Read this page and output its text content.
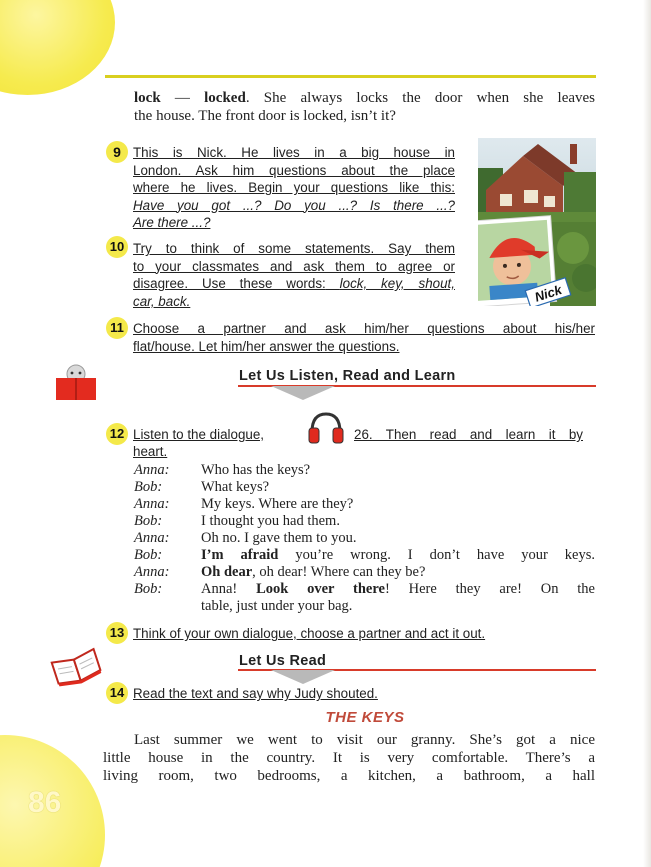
lock — locked. She always locks the door when she leaves
the house. The front door is locked, isn’t it?
9 This is Nick. He lives in a big house in
London. Ask him questions about the place
where he lives. Begin your questions like this:
Have you got ...? Do you ...? Is there ...?
Are there ...?
Nick
10 Try to think of some statements. Say them
to your classmates and ask them to agree or
disagree. Use these words: lock, key, shout,
car, back.
11 Choose a partner and ask him/her questions about his/her
flat/house. Let him/her answer the questions.
Let Us Listen, Read and Learn
12 Listen to the dialogue,	26. Then read and learn it by
heart.
Anna: Who has the keys?
Bob:	What keys?
Anna: My keys. Where are they?
Bob:	I thought you had them.
Anna: Oh no. I gave them to you.
Bob:	I’m afraid you’re wrong. I don’t have your keys.
Anna: Oh dear, oh dear! Where can they be?
Bob:	Anna! Look over there! Here they are! On the
table, just under your bag.
13 Think of your own dialogue, choose a partner and act it out.
Let Us Read
14 Read the text and say why Judy shouted.
THE KEYS
Last summer we went to visit our granny. She’s got a nice
little house in the country. It is very comfortable. There’s a
living room, two bedrooms, a kitchen, a bathroom, a hall
86
